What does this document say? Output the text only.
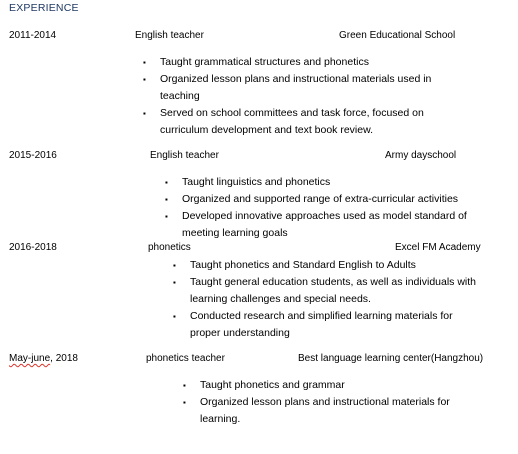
EXPERIENCE
2011-2014	English teacher	Green Educational School
▪ Taught grammatical structures and phonetics
▪ Organized lesson plans and instructional materials used in teaching
▪ Served on school committees and task force, focused on curriculum development and text book review.
2015-2016	English teacher	Army dayschool
▪ Taught linguistics and phonetics
▪ Organized and supported range of extra-curricular activities
▪ Developed innovative approaches used as model standard of meeting learning goals
2016-2018	phonetics	Excel FM Academy
▪ Taught phonetics and Standard English to Adults
▪ Taught general education students, as well as individuals with learning challenges and special needs.
▪ Conducted research and simplified learning materials for proper understanding
May-june, 2018	phonetics teacher	Best language learning center(Hangzhou)
▪ Taught phonetics and grammar
▪ Organized lesson plans and instructional materials for learning.
